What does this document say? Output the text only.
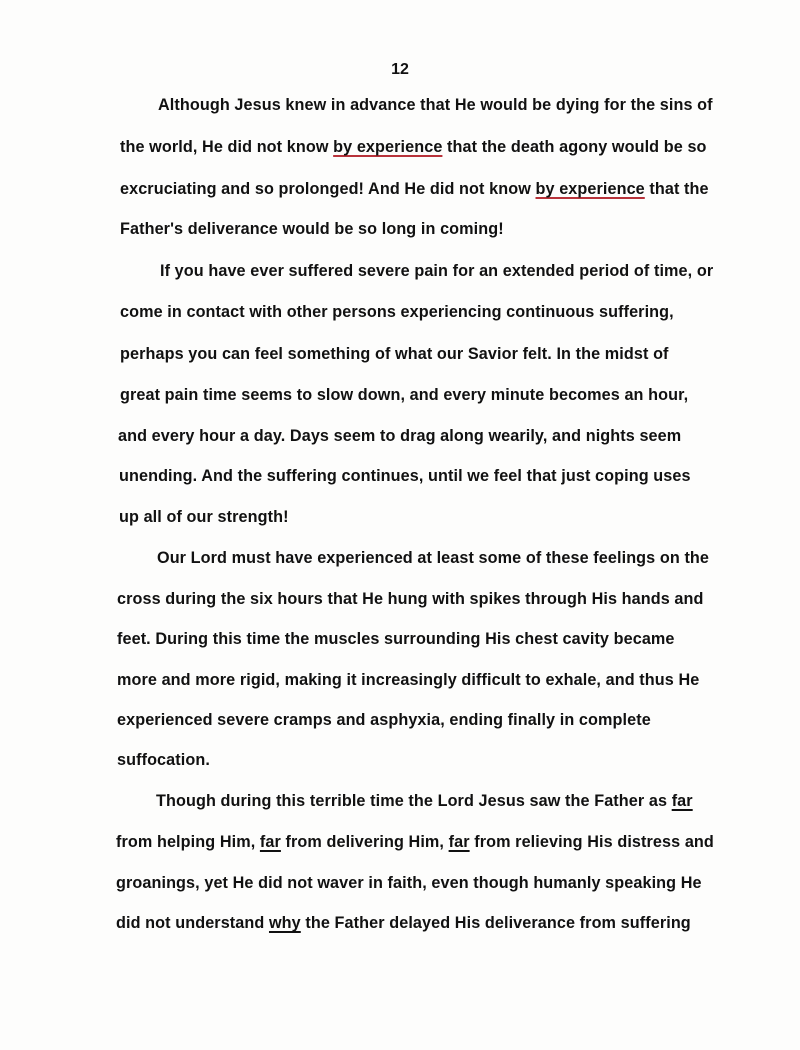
12
Although Jesus knew in advance that He would be dying for the sins of
the world, He did not know by experience that the death agony would be so
excruciating and so prolonged! And He did not know by experience that the
Father's deliverance would be so long in coming!
If you have ever suffered severe pain for an extended period of time, or
come in contact with other persons experiencing continuous suffering,
perhaps you can feel something of what our Savior felt. In the midst of
great pain time seems to slow down, and every minute becomes an hour,
and every hour a day. Days seem to drag along wearily, and nights seem
unending. And the suffering continues, until we feel that just coping uses
up all of our strength!
Our Lord must have experienced at least some of these feelings on the
cross during the six hours that He hung with spikes through His hands and
feet. During this time the muscles surrounding His chest cavity became
more and more rigid, making it increasingly difficult to exhale, and thus He
experienced severe cramps and asphyxia, ending finally in complete
suffocation.
Though during this terrible time the Lord Jesus saw the Father as far
from helping Him, far from delivering Him, far from relieving His distress and
groanings, yet He did not waver in faith, even though humanly speaking He
did not understand why the Father delayed His deliverance from suffering
